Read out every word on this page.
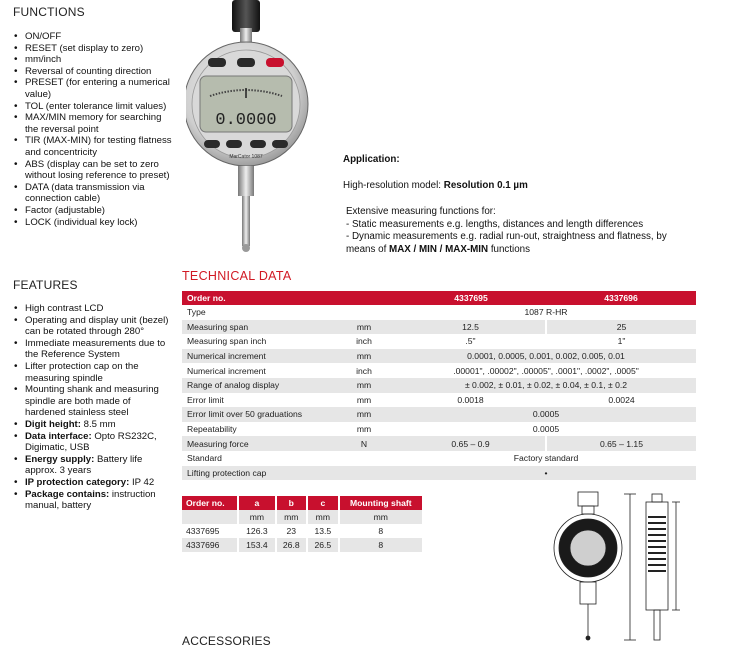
FUNCTIONS
• ON/OFF
• RESET (set display to zero)
• mm/inch
• Reversal of counting direction
• PRESET (for entering a numerical value)
• TOL (enter tolerance limit values)
• MAX/MIN memory for searching the reversal point
• TIR (MAX-MIN) for testing flatness and concentricity
• ABS (display can be set to zero without losing reference to preset)
• DATA (data transmission via connection cable)
• Factor (adjustable)
• LOCK (individual key lock)
FEATURES
• High contrast LCD
• Operating and display unit (bezel) can be rotated through 280°
• Immediate measurements due to the Reference System
• Lifter protection cap on the measuring spindle
• Mounting shank and measuring spindle are both made of hardened stainless steel
• Digit height: 8.5 mm
• Data interface: Opto RS232C, Digimatic, USB
• Energy supply: Battery life approx. 3 years
• IP protection category: IP 42
• Package contains: instruction manual, battery
0.0000
MarCator 1087	Application:
High-resolution model: Resolution 0.1 µm
Extensive measuring functions for:
- Static measurements e.g. lengths, distances and length differences
- Dynamic measurements e.g. radial run-out, straightness and flatness, by
means of MAX / MIN / MAX-MIN functions
TECHNICAL DATA
Order no.		4337695	4337696
Type		1087 R-HR	
Measuring span	mm	12.5	25
Measuring span inch	inch	.5"	1"
Numerical increment	mm	0.0001, 0.0005, 0.001, 0.002, 0.005, 0.01	
Numerical increment	inch	.00001", .00002", .00005", .0001", .0002", .0005"	
Range of analog display	mm	± 0.002, ± 0.01, ± 0.02, ± 0.04, ± 0.1, ± 0.2	
Error limit	mm	0.0018	0.0024
Error limit over 50 graduations	mm	0.0005	
Repeatability	mm	0.0005	
Measuring force	N	0.65 – 0.9	0.65 – 1.15
Standard		Factory standard	
Lifting protection cap		•	
Order no.	a	b	c	Mounting shaft
	mm	mm	mm	mm
4337695	126.3	23	13.5	8
4337696	153.4	26.8	26.5	8
ACCESSORIES
